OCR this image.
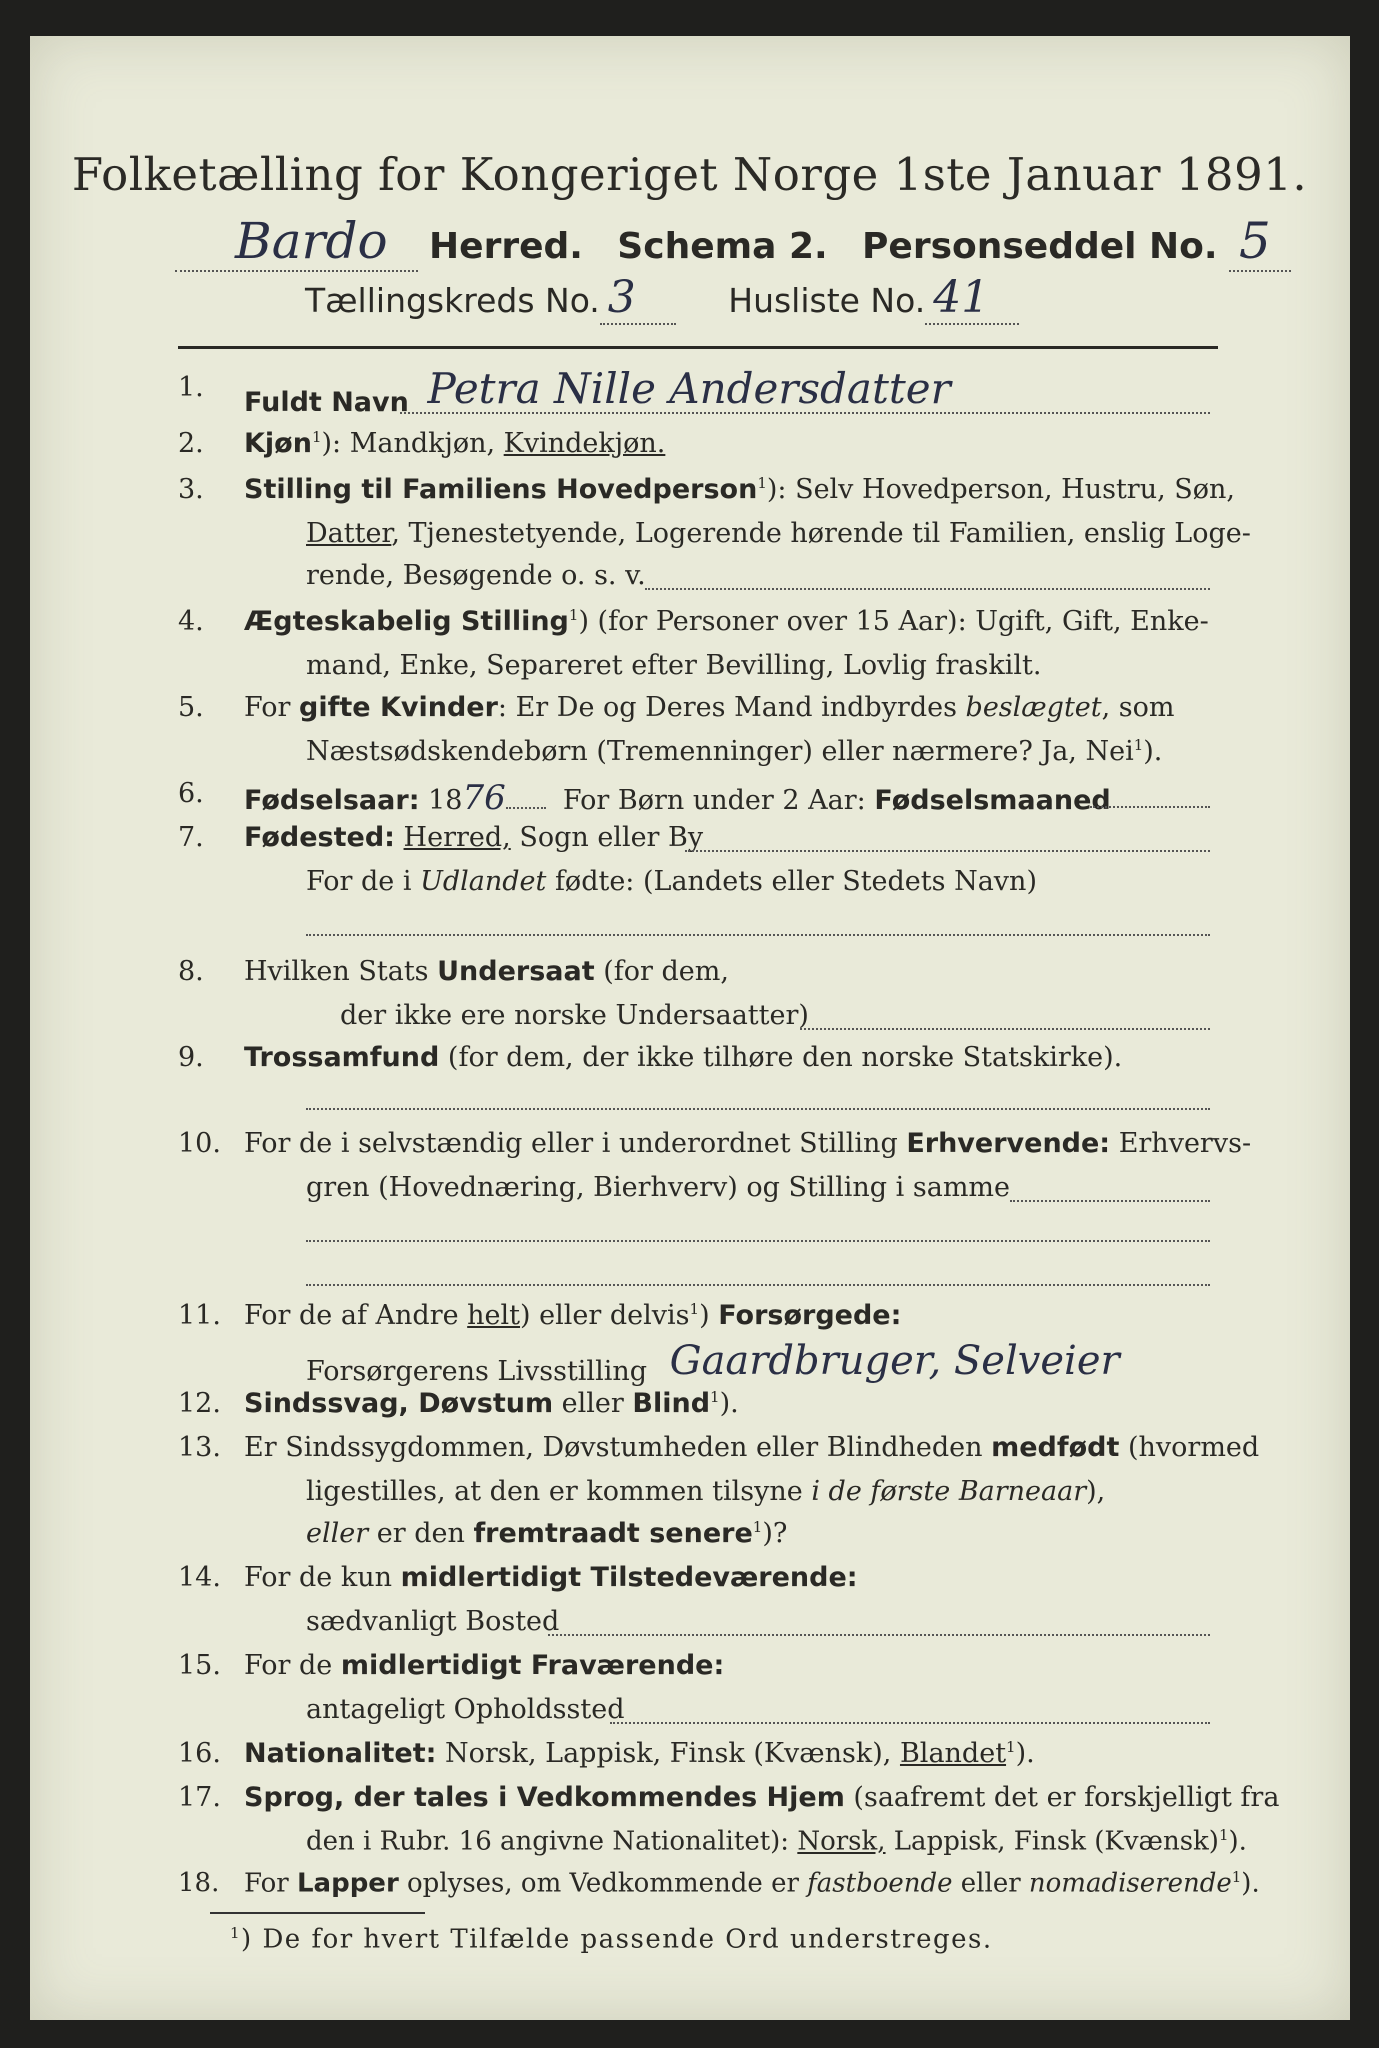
Folketælling for Kongeriget Norge 1ste Januar 1891.
Bardo Herred. Schema 2. Personseddel No. 5
Tællingskreds No. 3	Husliste No. 41
1.	Fuldt Navn Petra Nille Andersdatter
2.	Kjøn$^1$): Mandkjøn, Kvindekjøn.
3.	Stilling til Familiens Hovedperson$^1$): Selv Hovedperson, Hustru, Søn,
Datter, Tjenestetyende, Logerende hørende til Familien, enslig Loge-
rende, Besøgende o. s. v.
4.	Ægteskabelig Stilling$^1$) (for Personer over 15 Aar): Ugift, Gift, Enke-
mand, Enke, Separeret efter Bevilling, Lovlig fraskilt.
5.	For gifte Kvinder: Er De og Deres Mand indbyrdes beslægtet, som
Næstsødskendebørn (Tremenninger) eller nærmere? Ja, Nei$^1$).
6.	Fødselsaar: 1876 For Børn under 2 Aar: Fødselsmaaned
7.	Fødested: Herred, Sogn eller By
For de i Udlandet fødte: (Landets eller Stedets Navn)
8.	Hvilken Stats Undersaat (for dem,
der ikke ere norske Undersaatter)
9.	Trossamfund (for dem, der ikke tilhøre den norske Statskirke).
10. For de i selvstændig eller i underordnet Stilling Erhvervende: Erhvervs-
gren (Hovednæring, Bierhverv) og Stilling i samme
11. For de af Andre helt) eller delvis$^1$) Forsørgede:
Forsørgerens Livsstilling Gaardbruger, Selveier
12. Sindssvag, Døvstum eller Blind$^1$).
13. Er Sindssygdommen, Døvstumheden eller Blindheden medfødt (hvormed
ligestilles, at den er kommen tilsyne i de første Barneaar),
eller er den fremtraadt senere$^1$)?
14. For de kun midlertidigt Tilstedeværende:
sædvanligt Bosted
15. For de midlertidigt Fraværende:
antageligt Opholdssted
16. Nationalitet: Norsk, Lappisk, Finsk (Kvænsk), Blandet$^1$).
17. Sprog, der tales i Vedkommendes Hjem (saafremt det er forskjelligt fra
den i Rubr. 16 angivne Nationalitet): Norsk, Lappisk, Finsk (Kvænsk)$^1$).
18. For Lapper oplyses, om Vedkommende er fastboende eller nomadiserende$^1$).
$^1$) De for hvert Tilfælde passende Ord understreges.
